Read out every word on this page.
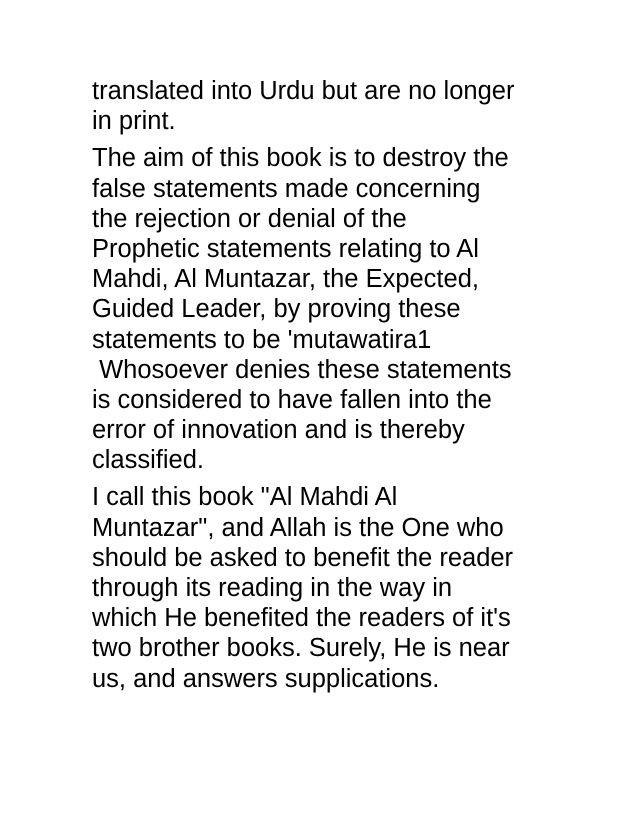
translated into Urdu but are no longer
in print.
The aim of this book is to destroy the
false statements made concerning
the rejection or denial of the
Prophetic statements relating to Al
Mahdi, Al Muntazar, the Expected,
Guided Leader, by proving these
statements to be 'mutawatira1
Whosoever denies these statements
is considered to have fallen into the
error of innovation and is thereby
classified.
I call this book "Al Mahdi Al
Muntazar", and Allah is the One who
should be asked to benefit the reader
through its reading in the way in
which He benefited the readers of it's
two brother books. Surely, He is near
us, and answers supplications.
